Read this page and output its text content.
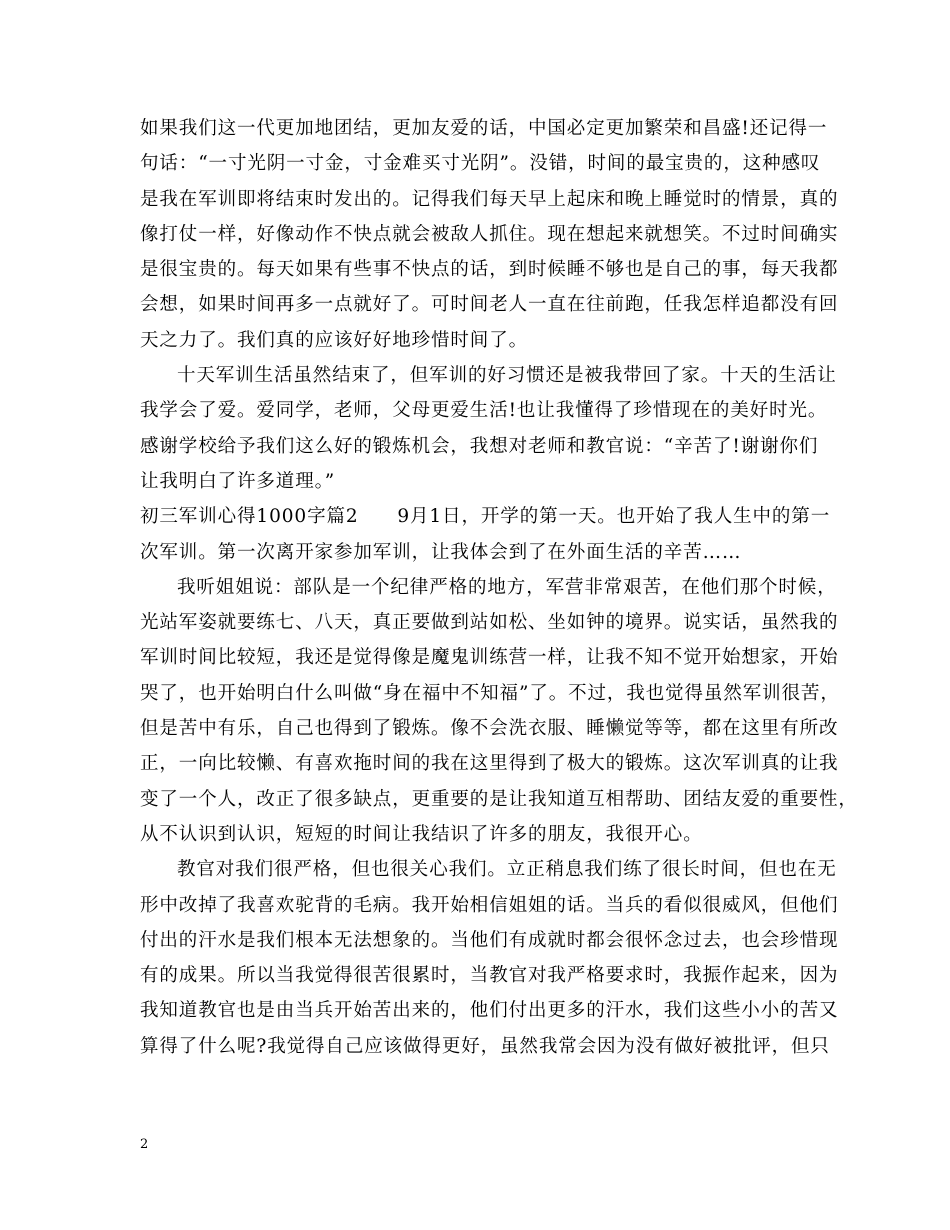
如果我们这一代更加地团结，更加友爱的话，中国必定更加繁荣和昌盛!还记得一
句话：“一寸光阴一寸金，寸金难买寸光阴”。没错，时间的最宝贵的，这种感叹
是我在军训即将结束时发出的。记得我们每天早上起床和晚上睡觉时的情景，真的
像打仗一样，好像动作不快点就会被敌人抓住。现在想起来就想笑。不过时间确实
是很宝贵的。每天如果有些事不快点的话，到时候睡不够也是自己的事，每天我都
会想，如果时间再多一点就好了。可时间老人一直在往前跑，任我怎样追都没有回
天之力了。我们真的应该好好地珍惜时间了。
十天军训生活虽然结束了，但军训的好习惯还是被我带回了家。十天的生活让
我学会了爱。爱同学，老师，父母更爱生活!也让我懂得了珍惜现在的美好时光。
感谢学校给予我们这么好的锻炼机会，我想对老师和教官说：“辛苦了!谢谢你们
让我明白了许多道理。”
初三军训心得1000字篇2　　9月1日，开学的第一天。也开始了我人生中的第一
次军训。第一次离开家参加军训，让我体会到了在外面生活的辛苦……
我听姐姐说：部队是一个纪律严格的地方，军营非常艰苦，在他们那个时候，
光站军姿就要练七、八天，真正要做到站如松、坐如钟的境界。说实话，虽然我的
军训时间比较短，我还是觉得像是魔鬼训练营一样，让我不知不觉开始想家，开始
哭了，也开始明白什么叫做“身在福中不知福”了。不过，我也觉得虽然军训很苦，
但是苦中有乐，自己也得到了锻炼。像不会洗衣服、睡懒觉等等，都在这里有所改
正，一向比较懒、有喜欢拖时间的我在这里得到了极大的锻炼。这次军训真的让我
变了一个人，改正了很多缺点，更重要的是让我知道互相帮助、团结友爱的重要性，
从不认识到认识，短短的时间让我结识了许多的朋友，我很开心。
教官对我们很严格，但也很关心我们。立正稍息我们练了很长时间，但也在无
形中改掉了我喜欢驼背的毛病。我开始相信姐姐的话。当兵的看似很威风，但他们
付出的汗水是我们根本无法想象的。当他们有成就时都会很怀念过去，也会珍惜现
有的成果。所以当我觉得很苦很累时，当教官对我严格要求时，我振作起来，因为
我知道教官也是由当兵开始苦出来的，他们付出更多的汗水，我们这些小小的苦又
算得了什么呢?我觉得自己应该做得更好，虽然我常会因为没有做好被批评，但只
2
